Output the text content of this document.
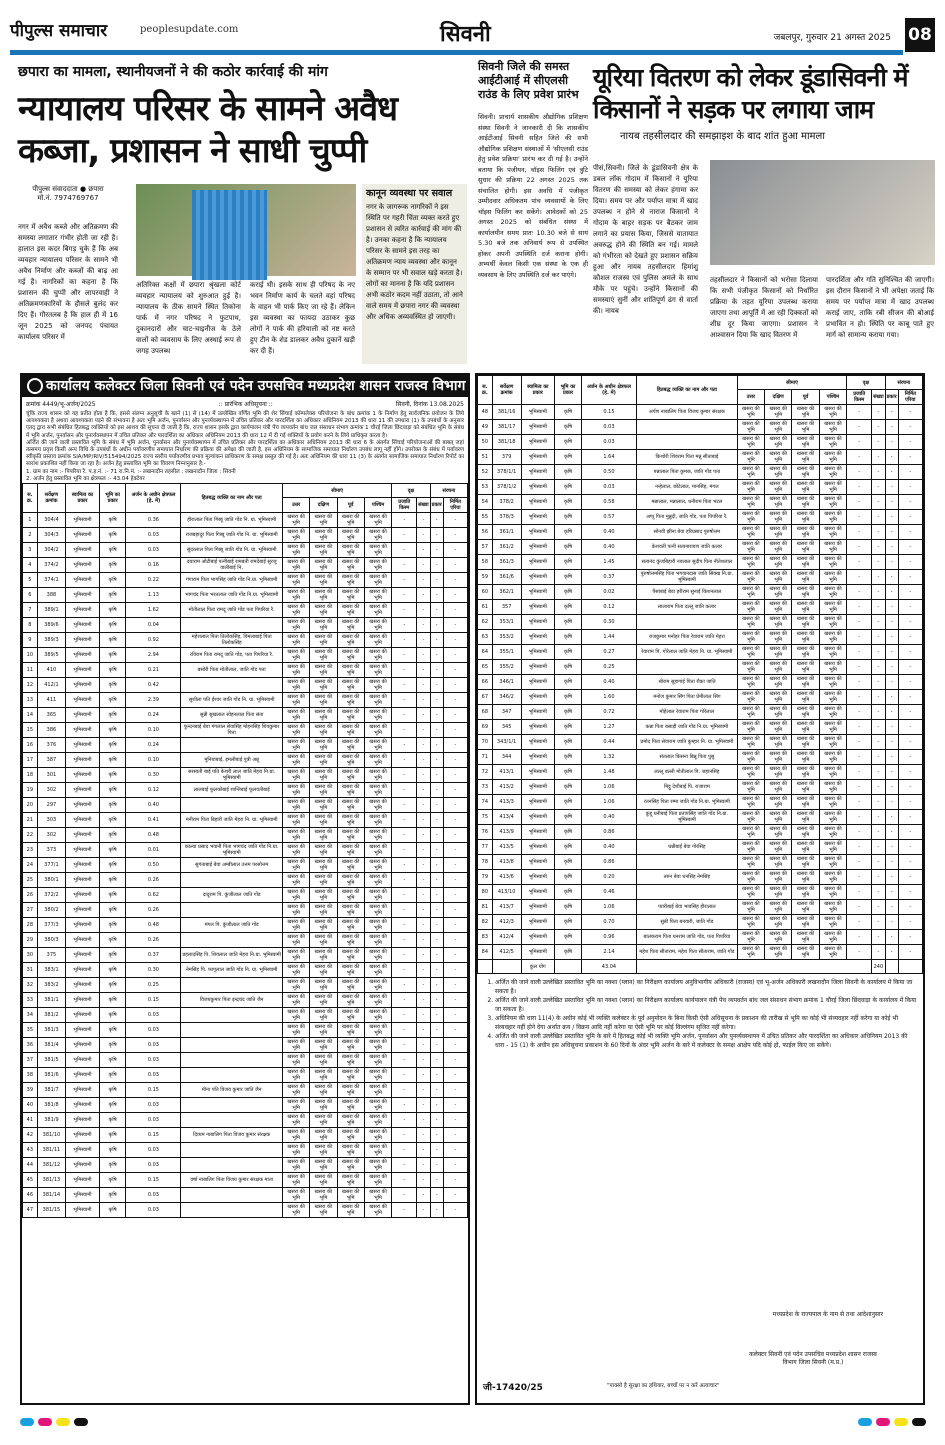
पीपुल्स समाचार	peoplesupdate.com	सिवनी	जबलपुर, गुरुवार 21 अगस्त 2025 08
छपारा का मामला, स्थानीयजनों ने की कठोर कार्रवाई की मांग
न्यायालय परिसर के सामने अवैध कब्जा, प्रशासन ने साधी चुप्पी
पीपुल्स संवाददाता ● छपारा
मो.नं. 7974769767
नगर में अवैध कब्जे और अतिक्रमण की समस्या लगातार गंभीर होती जा रही है। हालात इस कदर बिगड़ चुके हैं कि अब व्यवहार न्यायालय परिसर के सामने भी अवैध निर्माण और कब्जों की बाढ़ आ गई है। नागरिकों का कहना है कि प्रशासन की चुप्पी और लापरवाही ने अतिक्रमणकारियों के हौसले बुलंद कर दिए हैं। गौरतलब है कि हाल ही में 16 जून 2025 को जनपद पंचायत कार्यालय परिसर में
अतिरिक्त कक्षों में छपारा श्रृंखला कोर्ट व्यवहार न्यायालय को शुरुआत हुई है। न्यायालय के ठीक सामने स्थित तिकोना पार्क में नगर परिषद ने फुटपाथ, दुकानदारों और चाट-चाइनीज के ठेले वालों को व्यवसाय के लिए अस्थाई रूप से जगह उपलब्ध
कराई थी। इसके साथ ही परिषद के नए भवन निर्माण कार्य के चलते वहां परिषद के वाहन भी पार्क किए जा रहे हैं। लेकिन इस व्यवस्था का फायदा उठाकर कुछ लोगों ने पार्क की हरियाली को नष्ट करते हुए टीन के शेड डालकर अवैध दुकानें खड़ी कर दी हैं।
कानून व्यवस्था पर सवाल
नगर के जागरूक नागरिकों ने इस स्थिति पर गहरी चिंता व्यक्त करते हुए प्रशासन से त्वरित कार्रवाई की मांग की है। उनका कहना है कि न्यायालय परिसर के सामने इस तरह का अतिक्रमण न्याय व्यवस्था और कानून के सम्मान पर भी सवाल खड़े करता है। लोगों का मानना है कि यदि प्रशासन अभी कठोर कदम नहीं उठाता, तो आने वाले समय में छपारा नगर की व्यवस्था और अधिक अव्यवस्थित हो जाएगी।
सिवनी जिले की समस्त आईटीआई में सीएलसी राउंड के लिए प्रवेश प्रारंभ
सिवनी। प्राचार्य शासकीय औद्योगिक प्रशिक्षण संस्था सिवनी ने जानकारी दी कि शासकीय आईटीआई सिवनी सहित जिले की सभी औद्योगिक प्रशिक्षण संस्थाओं में 'सीएलसी राउंड हेतु प्रवेश प्रक्रिया' प्रारंभ कर दी गई है। उन्होंने बताया कि पंजीयन, चॉइस फिलिंग एवं त्रुटि सुधार की प्रक्रिया 22 अगस्त 2025 तक संचालित होगी। इस अवधि में पंजीकृत उम्मीदवार अधिकतम पांच व्यवसायों के लिए चॉइस फिलिंग कर सकेंगे। आवेदकों को 25 अगस्त 2025 को संबंधित संस्था में कार्यालयीन समय प्रातः 10.30 बजे से सायं 5.30 बजे तक अनिवार्य रूप से उपस्थित होकर अपनी उपस्थिति दर्ज कराना होगी। अभ्यर्थी केवल किसी एक संस्था के एक ही व्यवसाय के लिए उपस्थिति दर्ज कर पाएंगे।
यूरिया वितरण को लेकर डूंडासिवनी में किसानों ने सड़क पर लगाया जाम
नायब तहसीलदार की समझाइश के बाद शांत हुआ मामला
पीसं,सिवनी। जिले के डूंडासिवनी क्षेत्र के डबल लॉक गोदाम में किसानों ने यूरिया वितरण की समस्या को लेकर हंगामा कर दिया। समय पर और पर्याप्त मात्रा में खाद उपलब्ध न होने से नाराज किसानों ने गोदाम के बाहर सड़क पर बैठकर जाम लगाने का प्रयास किया, जिससे यातायात अवरुद्ध होने की स्थिति बन गई। मामले को गंभीरता को देखते हुए प्रशासन सक्रिय हुआ और नायब तहसीलदार हिमांशु कौशल राजस्व एवं पुलिस अमले के साथ मौके पर पहुंचे। उन्होंने किसानों की समस्याएं सुनीं और शांतिपूर्ण ढंग से वार्ता की। नायब
तहसीलदार ने किसानों को भरोसा दिलाया कि सभी पंजीकृत किसानों को निर्धारित प्रक्रिया के तहत यूरिया उपलब्ध कराया जाएगा तथा आपूर्ति में आ रही दिक्कतों को शीघ्र दूर किया जाएगा। प्रशासन ने आश्वासन दिया कि खाद वितरण में
पारदर्शिता और गति सुनिश्चित की जाएगी। इस दौरान किसानों ने भी अपेक्षा जताई कि समय पर पर्याप्त मात्रा में खाद उपलब्ध कराई जाए, ताकि रबी सीजन की बोआई प्रभावित न हो। स्थिति पर काबू पाते हुए मार्ग को सामान्य कराया गया।
कार्यालय कलेक्टर जिला सिवनी एवं पदेन उपसचिव मध्यप्रदेश शासन राजस्व विभाग
क्रमांक 4449/भू-अर्जन/2025	:: प्रारंभिक अधिसूचना ::	सिवनी, दिनांक 13.08.2025

चूंकि राज्य शासन को यह प्रतीत होता है कि, इससे संलग्न अनुसूची के खाने (1) से (14) में उल्लेखित वर्णित भूमि की शेर सिंचाई कॉम्पलेक्स परियोजना के बांध क्रमांक 1 के निर्माण हेतु सार्वजनिक प्रयोजन के लिये आवश्यकता है अथवा आवश्यकता पड़ने की संभावना है अतः भूमि अर्जन, पुनर्वासन और पुनर्व्यवस्थापन में उचित प्रतिकर और पारदर्शिता का अधिकार अधिनियम 2013 की धारा 11 की उपधारा (1) के उपबंधों के अनुसार एतद् द्वारा सभी संबंधित हितबद्ध व्यक्तियों को इस आशय की सूचना दी जाती है कि, राज्य शासन इसके द्वारा कार्यपालन यंत्री पेंच व्यपवर्तन बांध जल संसाधन संभाग क्रमांक 1 चौरई जिला छिंदवाड़ा को संबंधित भूमि के संबंध में भूमि अर्जन, पुनर्वासन और पुनर्व्यवस्थापन में उचित प्रतिकर और पारदर्शिता का अधिकार अधिनियम 2013 की धारा 12 में दी गई शक्तियों के प्रयोग करने के लिये प्राधिकृत करता है।

अर्जित की जाने वाली प्रस्तावित भूमि के संबंध में भूमि अर्जन, पुनर्वासन और पुनर्व्यवस्थापन में उचित प्रतिकर और पारदर्शिता का अधिकार अधिनियम 2013 की धारा 6 के अंतर्गत सिंचाई परियोजनाओं की बाबत् जहां तत्समय प्रवृत्त किसी अन्य विधि के उपबंधों के अधीन पर्यावरणीय समाघात निर्धारण की प्रक्रिया की अपेक्षा की जाती है, इस अधिनियम के सामाजिक समाघात निर्धारण उपबंध लागू नहीं होंगे। उपरोक्त के संबंध में पर्यावरण स्वीकृति प्रस्ताव क्रमांक SIA/MP/RIV/515494/2025 राज्य स्तरीय पर्यावरणीय प्रभाव मूल्यांकन प्राधिकरण के समक्ष प्रस्तुत की गई है। अतः अधिनियम की धारा 11 (3) के अंतर्गत सामाजिक समाघात निर्धारण रिपोर्ट का सारांश प्रकाशित नहीं किया जा रहा है। अर्जन हेतु प्रस्तावित भूमि का विवरण निम्नानुसार है:-

1. ग्राम का नाम :- पिपरिया रै. प.ह.नं. :- 71 रा.नि.मं. :- लखनादौन तहसील : लखनादौन जिला : सिवनी

2. अर्जन हेतु प्रस्तावित भूमि का क्षेत्रफल :- 43.04 हेक्टेयर

स. क्र.	सर्वेक्षण क्रमांक	स्वामित्व का प्रकार	भूमि का प्रकार	अर्जन के अधीन क्षेत्रफल (हे. में)	हितबद्ध व्यक्ति का नाम और पता	सीमाएं				वृक्ष		संरचना	
						उत्तर	दक्षिण	पूर्व	पश्चिम	प्रजाति किस्म	संख्या	प्रकार	निर्मित एरिया
1	304/4	भूमिस्वामी	कृषि	0.36	हीरालाल पिता गिब्बू जाति गोंड नि. ग्रा. भूमिस्वामी	खसरा की भूमि	खसरा की भूमि	खसरा की भूमि	खसरा की भूमि	-	-	-	-
2	304/3	भूमिस्वामी	कृषि	0.03	राजबहादुर पिता गिब्बू जाति गोंड नि. ग्रा. भूमिस्वामी	खसरा की भूमि	खसरा की भूमि	खसरा की भूमि	खसरा की भूमि	-	-	-	-
3	304/2	भूमिस्वामी	कृषि	0.03	सुंदरलाल पिता गिब्बू जाति गोंड नि. ग्रा. भूमिस्वामी	खसरा की भूमि	खसरा की भूमि	खसरा की भूमि	खसरा की भूमि	-	-	-	-
4	374/2	भूमिस्वामी	कृषि	0.16	दयाराम ओटीबाई पत्नीबाई रामबती रामदेबाई सुरजू वालीबाई नि.	खसरा की भूमि	खसरा की भूमि	खसरा की भूमि	खसरा की भूमि	-	-	-	-
5	374/1	भूमिस्वामी	कृषि	0.22	गंगाराम पिता भागसिंह जाति गोंड नि.ग्रा. भूमिस्वामी	खसरा की भूमि	खसरा की भूमि	खसरा की भूमि	खसरा की भूमि	-	-	-	-
6	388	भूमिस्वामी	कृषि	1.13	भागचंद पिता भरतलाल जाति गोंड नि.ग्रा. भूमिस्वामी	खसरा की भूमि	खसरा की भूमि	खसरा की भूमि	खसरा की भूमि	-	-	-	-
7	389/1	भूमिस्वामी	कृषि	1.62	मोतीलाल पिता रामदू जाति गोंड पता पिपरिया रै.	खसरा की भूमि	खसरा की भूमि	खसरा की भूमि	खसरा की भूमि	-	-	-	-
8	389/6	भूमिस्वामी	कृषि	0.04		खसरा की भूमि	खसरा की भूमि	खसरा की भूमि	खसरा की भूमि	-	-	-	-
9	389/3	भूमिस्वामी	कृषि	0.92	महेशलाल पिता तिलोकसिंह, विमलाबाई पिता तिलोकसिंह	खसरा की भूमि	खसरा की भूमि	खसरा की भूमि	खसरा की भूमि	-	-	-	-
10	389/5	भूमिस्वामी	कृषि	2.94	रविराम पिता रामदू जाति गोंड, पता पिपरिया रै.	खसरा की भूमि	खसरा की भूमि	खसरा की भूमि	खसरा की भूमि	-	-	-	-
11	410	भूमिस्वामी	कृषि	0.21	बसोरी पिता मोतीलाल, जाति गोंड पता	खसरा की भूमि	खसरा की भूमि	खसरा की भूमि	खसरा की भूमि	-	-	-	-
12	412/1	भूमिस्वामी	कृषि	0.42		खसरा की भूमि	खसरा की भूमि	खसरा की भूमि	खसरा की भूमि	-	-	-	-
13	411	भूमिस्वामी	कृषि	2.39	सुशीला पति ईश्वर जाति गोंड नि. ग्रा. भूमिस्वामी	खसरा की भूमि	खसरा की भूमि	खसरा की भूमि	खसरा की भूमि	-	-	-	-
14	365	भूमिस्वामी	कृषि	0.24	सुन्नी सुखलाल सोहनलाल पिता संता	खसरा की भूमि	खसरा की भूमि	खसरा की भूमि	खसरा की भूमि	-	-	-	-
15	386	भूमिस्वामी	कृषि	0.10	फुन्दनबाई बेवा गंगलाल सेवासिंह मोहनसिंह शिवकुमार पिता	खसरा की भूमि	खसरा की भूमि	खसरा की भूमि	खसरा की भूमि	-	-	-	-
16	376	भूमिस्वामी	कृषि	0.24		खसरा की भूमि	खसरा की भूमि	खसरा की भूमि	खसरा की भूमि	-	-	-	-
17	387	भूमिस्वामी	कृषि	0.10	मुनियाबाई, इमलीबाई पुत्री अन्नू	खसरा की भूमि	खसरा की भूमि	खसरा की भूमि	खसरा की भूमि	-	-	-	-
18	301	भूमिस्वामी	कृषि	0.30	सरस्वती बाई पति केशरी लाल जाति मेहरा नि.ग्रा. भूमिस्वामी	खसरा की भूमि	खसरा की भूमि	खसरा की भूमि	खसरा की भूमि	-	-	-	-
19	302	भूमिस्वामी	कृषि	0.12	लालबाई फुलकोबाई शान्तिबाई फूलवतीबाई	खसरा की भूमि	खसरा की भूमि	खसरा की भूमि	खसरा की भूमि	-	-	-	-
20	297	भूमिस्वामी	कृषि	0.40		खसरा की भूमि	खसरा की भूमि	खसरा की भूमि	खसरा की भूमि	-	-	-	-
21	303	भूमिस्वामी	कृषि	0.41	मनीराम पिता बिहारी जाति मेहरा नि. ग्रा. भूमिस्वामी	खसरा की भूमि	खसरा की भूमि	खसरा की भूमि	खसरा की भूमि	-	-	-	-
22	302	भूमिस्वामी	कृषि	0.48		खसरा की भूमि	खसरा की भूमि	खसरा की भूमि	खसरा की भूमि	-	-	-	-
23	373	भूमिस्वामी	कृषि	0.01	काल्या प्रसाद भवानी पिता भागचंद जाति गोंड नि.ग्रा. भूमिस्वामी	खसरा की भूमि	खसरा की भूमि	खसरा की भूमि	खसरा की भूमि	-	-	-	-
24	377/1	भूमिस्वामी	कृषि	0.50	सुगंताबाई बेवा अम्बीलाल उत्तम परसोत्तम	खसरा की भूमि	खसरा की भूमि	खसरा की भूमि	खसरा की भूमि	-	-	-	-
25	380/1	भूमिस्वामी	कृषि	0.26		खसरा की भूमि	खसरा की भूमि	खसरा की भूमि	खसरा की भूमि	-	-	-	-
26	372/2	भूमिस्वामी	कृषि	0.62	दादूराम पि. कुंजीलाल जाति गोंड	खसरा की भूमि	खसरा की भूमि	खसरा की भूमि	खसरा की भूमि	-	-	-	-
27	380/2	भूमिस्वामी	कृषि	0.26		खसरा की भूमि	खसरा की भूमि	खसरा की भूमि	खसरा की भूमि	-	-	-	-
28	377/3	भूमिस्वामी	कृषि	0.48	मंगल पि. कुंजीलाल जाति गोंड	खसरा की भूमि	खसरा की भूमि	खसरा की भूमि	खसरा की भूमि	-	-	-	-
29	380/3	भूमिस्वामी	कृषि	0.26		खसरा की भूमि	खसरा की भूमि	खसरा की भूमि	खसरा की भूमि	-	-	-	-
30	375	भूमिस्वामी	कृषि	0.37	प्रहलादसिंह पि. शिवलाल जाति मेहरा नि.ग्रा. भूमिस्वामी	खसरा की भूमि	खसरा की भूमि	खसरा की भूमि	खसरा की भूमि	-	-	-	-
31	383/1	भूमिस्वामी	कृषि	0.30	नेमसिंह पि. फागूलाल जाति गोंड नि. ग्रा. भूमिस्वामी	खसरा की भूमि	खसरा की भूमि	खसरा की भूमि	खसरा की भूमि	-	-	-	-
32	383/2	भूमिस्वामी	कृषि	0.25		खसरा की भूमि	खसरा की भूमि	खसरा की भूमि	खसरा की भूमि	-	-	-	-
33	381/1	भूमिस्वामी	कृषि	0.15	विजयकुमार पिता इन्द्रचंद जाति जैन	खसरा की भूमि	खसरा की भूमि	खसरा की भूमि	खसरा की भूमि	-	-	-	-
34	381/2	भूमिस्वामी	कृषि	0.03		खसरा की भूमि	खसरा की भूमि	खसरा की भूमि	खसरा की भूमि	-	-	-	-
35	381/3	भूमिस्वामी	कृषि	0.03		खसरा की भूमि	खसरा की भूमि	खसरा की भूमि	खसरा की भूमि	-	-	-	-
36	381/4	भूमिस्वामी	कृषि	0.03		खसरा की भूमि	खसरा की भूमि	खसरा की भूमि	खसरा की भूमि	-	-	-	-
37	381/5	भूमिस्वामी	कृषि	0.03		खसरा की भूमि	खसरा की भूमि	खसरा की भूमि	खसरा की भूमि	-	-	-	-
38	381/6	भूमिस्वामी	कृषि	0.03		खसरा की भूमि	खसरा की भूमि	खसरा की भूमि	खसरा की भूमि	-	-	-	-
39	381/7	भूमिस्वामी	कृषि	0.15	मीना पति विजय कुमार जाति जैन	खसरा की भूमि	खसरा की भूमि	खसरा की भूमि	खसरा की भूमि	-	-	-	-
40	381/8	भूमिस्वामी	कृषि	0.03		खसरा की भूमि	खसरा की भूमि	खसरा की भूमि	खसरा की भूमि	-	-	-	-
41	381/9	भूमिस्वामी	कृषि	0.03		खसरा की भूमि	खसरा की भूमि	खसरा की भूमि	खसरा की भूमि	-	-	-	-
42	381/10	भूमिस्वामी	कृषि	0.15	दिव्यम नाबालिग पिता विजय कुमार संरक्षक	खसरा की भूमि	खसरा की भूमि	खसरा की भूमि	खसरा की भूमि	-	-	-	-
43	381/11	भूमिस्वामी	कृषि	0.03		खसरा की भूमि	खसरा की भूमि	खसरा की भूमि	खसरा की भूमि	-	-	-	-
44	381/12	भूमिस्वामी	कृषि	0.03		खसरा की भूमि	खसरा की भूमि	खसरा की भूमि	खसरा की भूमि	-	-	-	-
45	381/13	भूमिस्वामी	कृषि	0.15	वर्षा नाबालिग पिता विजय कुमार संरक्षक माता	खसरा की भूमि	खसरा की भूमि	खसरा की भूमि	खसरा की भूमि	-	-	-	-
46	381/14	भूमिस्वामी	कृषि	0.03		खसरा की भूमि	खसरा की भूमि	खसरा की भूमि	खसरा की भूमि	-	-	-	-
47	381/15	भूमिस्वामी	कृषि	0.03		खसरा की भूमि	खसरा की भूमि	खसरा की भूमि	खसरा की भूमि	-	-	-	-
स. क्र.	सर्वेक्षण क्रमांक	स्वामित्व का प्रकार	भूमि का प्रकार	अर्जन के अधीन क्षेत्रफल (हे. में)	हितबद्ध व्यक्ति का नाम और पता	सीमाएं				वृक्ष		संरचना	
						उत्तर	दक्षिण	पूर्व	पश्चिम	प्रजाति किस्म	संख्या	प्रकार	निर्मित एरिया
48	381/16	भूमिस्वामी	कृषि	0.15	अर्पण नाबालिग पिता विजय कुमार संरक्षक	खसरा की भूमि	खसरा की भूमि	खसरा की भूमि	खसरा की भूमि	-	-	-	-
49	381/17	भूमिस्वामी	कृषि	0.03		खसरा की भूमि	खसरा की भूमि	खसरा की भूमि	खसरा की भूमि	-	-	-	-
50	381/18	भूमिस्वामी	कृषि	0.03		खसरा की भूमि	खसरा की भूमि	खसरा की भूमि	खसरा की भूमि	-	-	-	-
51	379	भूमिस्वामी	कृषि	1.64	किशोरी शिवराम पिता मन्नू सीताबाई	खसरा की भूमि	खसरा की भूमि	खसरा की भूमि	खसरा की भूमि	-	-	-	-
52	378/1/1	भूमिस्वामी	कृषि	0.50	पन्नालाल पिता कुमक, जाति गोंड पता	खसरा की भूमि	खसरा की भूमि	खसरा की भूमि	खसरा की भूमि	-	-	-	-
53	378/1/2	भूमिस्वामी	कृषि	0.03	नन्हेलाल, छोटेलाल, मानसिंह, मंगल	खसरा की भूमि	खसरा की भूमि	खसरा की भूमि	खसरा की भूमि	-	-	-	-
54	378/2	भूमिस्वामी	कृषि	0.58	मन्नालाल, मन्नालाल, धनीराम पिता भटल	खसरा की भूमि	खसरा की भूमि	खसरा की भूमि	खसरा की भूमि	-	-	-	-
55	378/3	भूमिस्वामी	कृषि	0.57	अप्पू पिता मुन्नुदी, जाति गोंड, पता पिपरिया रै.	खसरा की भूमि	खसरा की भूमि	खसरा की भूमि	खसरा की भूमि	-	-	-	-
56	361/1	भूमिस्वामी	कृषि	0.40	सोनवी झीना बेवा हरिप्रसाद पुरुषोत्तम	खसरा की भूमि	खसरा की भूमि	खसरा की भूमि	खसरा की भूमि	-	-	-	-
57	361/2	भूमिस्वामी	कृषि	0.40	केशवती पत्नी सत्यनारायण जाति कलार	खसरा की भूमि	खसरा की भूमि	खसरा की भूमि	खसरा की भूमि	-	-	-	-
58	361/3	भूमिस्वामी	कृषि	1.45	सत्यनंद कुंजबिहारी नवलाल सुदीप पिता नीतेशलाल	खसरा की भूमि	खसरा की भूमि	खसरा की भूमि	खसरा की भूमि	-	-	-	-
59	361/6	भूमिस्वामी	कृषि	0.37	पुरुषोत्तमसिंह पिता भगवानदास जाति सिक्ख नि.ग्रा. भूमिस्वामी	खसरा की भूमि	खसरा की भूमि	खसरा की भूमि	खसरा की भूमि	-	-	-	-
60	362/1	भूमिस्वामी	कृषि	0.02	पैसाबाई बेवा हरीराम सुनाई किशनलाल	खसरा की भूमि	खसरा की भूमि	खसरा की भूमि	खसरा की भूमि	-	-	-	-
61	357	भूमिस्वामी	कृषि	0.12	लालाराम पिता दल्लू जाति कलार	खसरा की भूमि	खसरा की भूमि	खसरा की भूमि	खसरा की भूमि	-	-	-	-
62	353/1	भूमिस्वामी	कृषि	0.30		खसरा की भूमि	खसरा की भूमि	खसरा की भूमि	खसरा की भूमि	-	-	-	-
63	353/2	भूमिस्वामी	कृषि	1.44	राजकुमार मनोहर पिता रेवाराम जाति मेहरा	खसरा की भूमि	खसरा की भूमि	खसरा की भूमि	खसरा की भूमि	-	-	-	-
64	355/1	भूमिस्वामी	कृषि	0.27	रेवाराम पि. गोरेलाल जाति मेहरा नि. ग्रा. भूमिस्वामी	खसरा की भूमि	खसरा की भूमि	खसरा की भूमि	खसरा की भूमि	-	-	-	-
65	355/2	भूमिस्वामी	कृषि	0.25		खसरा की भूमि	खसरा की भूमि	खसरा की भूमि	खसरा की भूमि	-	-	-	-
66	346/1	भूमिस्वामी	कृषि	0.40	श्रीराम सुहागाई पिता रौका जाति	खसरा की भूमि	खसरा की भूमि	खसरा की भूमि	खसरा की भूमि	-	-	-	-
67	346/2	भूमिस्वामी	कृषि	1.60	मनोज कुमार सिंग पिता प्रेमीलाल सिंग	खसरा की भूमि	खसरा की भूमि	खसरा की भूमि	खसरा की भूमि	-	-	-	-
68	347	भूमिस्वामी	कृषि	0.72	मोहेलाल रेवाराम पिता गोरेलाल	खसरा की भूमि	खसरा की भूमि	खसरा की भूमि	खसरा की भूमि	-	-	-	-
69	345	भूमिस्वामी	कृषि	1.27	कन्ना पिता बसाड़ी जाति गोंड नि.ग्रा. भूमिस्वामी	खसरा की भूमि	खसरा की भूमि	खसरा की भूमि	खसरा की भूमि	-	-	-	-
70	343/1/1	भूमिस्वामी	कृषि	0.44	प्रमोद पिता सेवाराम जाति कुम्हार नि. ग्रा. भूमिस्वामी	खसरा की भूमि	खसरा की भूमि	खसरा की भूमि	खसरा की भूमि	-	-	-	-
71	344	भूमिस्वामी	कृषि	1.32	संतलाल किसना बिन्नू पिता पुसु	खसरा की भूमि	खसरा की भूमि	खसरा की भूमि	खसरा की भूमि	-	-	-	-
72	413/1	भूमिस्वामी	कृषि	1.48	लल्लू बल्ली मोतीलाल पि. जहानसिंह	खसरा की भूमि	खसरा की भूमि	खसरा की भूमि	खसरा की भूमि	-	-	-	-
73	413/2	भूमिस्वामी	कृषि	1.06	मिट्ठू देशीबाई पि. राजाराम	खसरा की भूमि	खसरा की भूमि	खसरा की भूमि	खसरा की भूमि	-	-	-	-
74	413/3	भूमिस्वामी	कृषि	1.06	रतनसिंह पिता रम्मा जाति गोंड नि.ग्रा. भूमिस्वामी	खसरा की भूमि	खसरा की भूमि	खसरा की भूमि	खसरा की भूमि	-	-	-	-
75	413/4	भूमिस्वामी	कृषि	0.40	कुद्दू धनीबाई पिता प्रतापसिंह जाति गोंड नि.ग्रा. भूमिस्वामी	खसरा की भूमि	खसरा की भूमि	खसरा की भूमि	खसरा की भूमि	-	-	-	-
76	413/9	भूमिस्वामी	कृषि	0.86		खसरा की भूमि	खसरा की भूमि	खसरा की भूमि	खसरा की भूमि	-	-	-	-
77	413/5	भूमिस्वामी	कृषि	0.40	धन्नीबाई बेवा गोरसिंह	खसरा की भूमि	खसरा की भूमि	खसरा की भूमि	खसरा की भूमि	-	-	-	-
78	413/8	भूमिस्वामी	कृषि	0.86		खसरा की भूमि	खसरा की भूमि	खसरा की भूमि	खसरा की भूमि	-	-	-	-
79	413/6	भूमिस्वामी	कृषि	0.20	तरुन बेवा धनसिंह नेमसिंह	खसरा की भूमि	खसरा की भूमि	खसरा की भूमि	खसरा की भूमि	-	-	-	-
80	413/10	भूमिस्वामी	कृषि	0.46		खसरा की भूमि	खसरा की भूमि	खसरा की भूमि	खसरा की भूमि	-	-	-	-
81	413/7	भूमिस्वामी	कृषि	1.06	प्यारीबाई बेवा भावसिंह हीरालाल	खसरा की भूमि	खसरा की भूमि	खसरा की भूमि	खसरा की भूमि	-	-	-	-
82	412/3	भूमिस्वामी	कृषि	0.70	सुन्नी पिता बनवारी, जाति गोंड	खसरा की भूमि	खसरा की भूमि	खसरा की भूमि	खसरा की भूमि	-	-	-	-
83	412/4	भूमिस्वामी	कृषि	0.96	बालकराम पिता धनराम जाति गोंड, पता पिपरिया	खसरा की भूमि	खसरा की भूमि	खसरा की भूमि	खसरा की भूमि	-	-	-	-
84	412/5	भूमिस्वामी	कृषि	2.14	महेश पिता सीताराम, महेश पिता सीताराम, जाति गोंड	खसरा की भूमि	खसरा की भूमि	खसरा की भूमि	खसरा की भूमि	-	-	-	-
		कुल योग		43.04							240		
1. अर्जित की जाने वाली उल्लेखित प्रस्तावित भूमि का नक्शा (प्लान) का निरीक्षण कार्यालय अनुविभागीय अधिकारी (राजस्व) एवं भू-अर्जन अधिकारी लखनादौन जिला सिवनी के कार्यालय में किया जा सकता है।
2. अर्जित की जाने वाली उल्लेखित प्रस्तावित भूमि का नक्शा (प्लान) का निरीक्षण कार्यालय कार्यपालन यंत्री पेंच व्यपवर्तन बांध जल संसाधन संभाग क्रमांक 1 चौरई जिला छिंदवाड़ा के कार्यालय में किया जा सकता है।
3. अधिनियम की धारा 11(4) के अधीन कोई भी व्यक्ति कलेक्टर के पूर्व अनुमोदन के बिना किसी ऐसी अधिसूचना के प्रकाशन की तारीख से भूमि का कोई भी संव्यवहार नहीं करेगा या कोई भी संव्यवहार नहीं होने देगा अर्थात क्रय / विक्रय आदि नहीं करेगा या ऐसी भूमि पर कोई विल्लंगम सृजित नहीं करेगा।
4. अर्जित की जाने वाली उल्लेखित प्रस्तावित भूमि के बारे में हितबद्ध कोई भी व्यक्ति भूमि अर्जन, पुनर्वासन और पुनर्व्यवस्थापन में उचित प्रतिकर और पारदर्शिता का अधिकार अधिनियम 2013 की धारा - 15 (1) के अधीन इस अधिसूचना प्रकाशन के 60 दिनों के अंदर भूमि अर्जन के बारे में कलेक्टर के समक्ष आक्षेप यदि कोई हो, फाईल किए जा सकेंगे।
मध्यप्रदेश के राज्यपाल के नाम से तथा आदेशानुसार
कलेक्टर सिवनी एवं पदेन उपसचिव मध्यप्रदेश शासन राजस्व विभाग जिला सिवनी (म.प्र.)
जी-17420/25	"पाक्सो है सुरक्षा का हथियार, बच्चों पर न करें अत्याचार"
